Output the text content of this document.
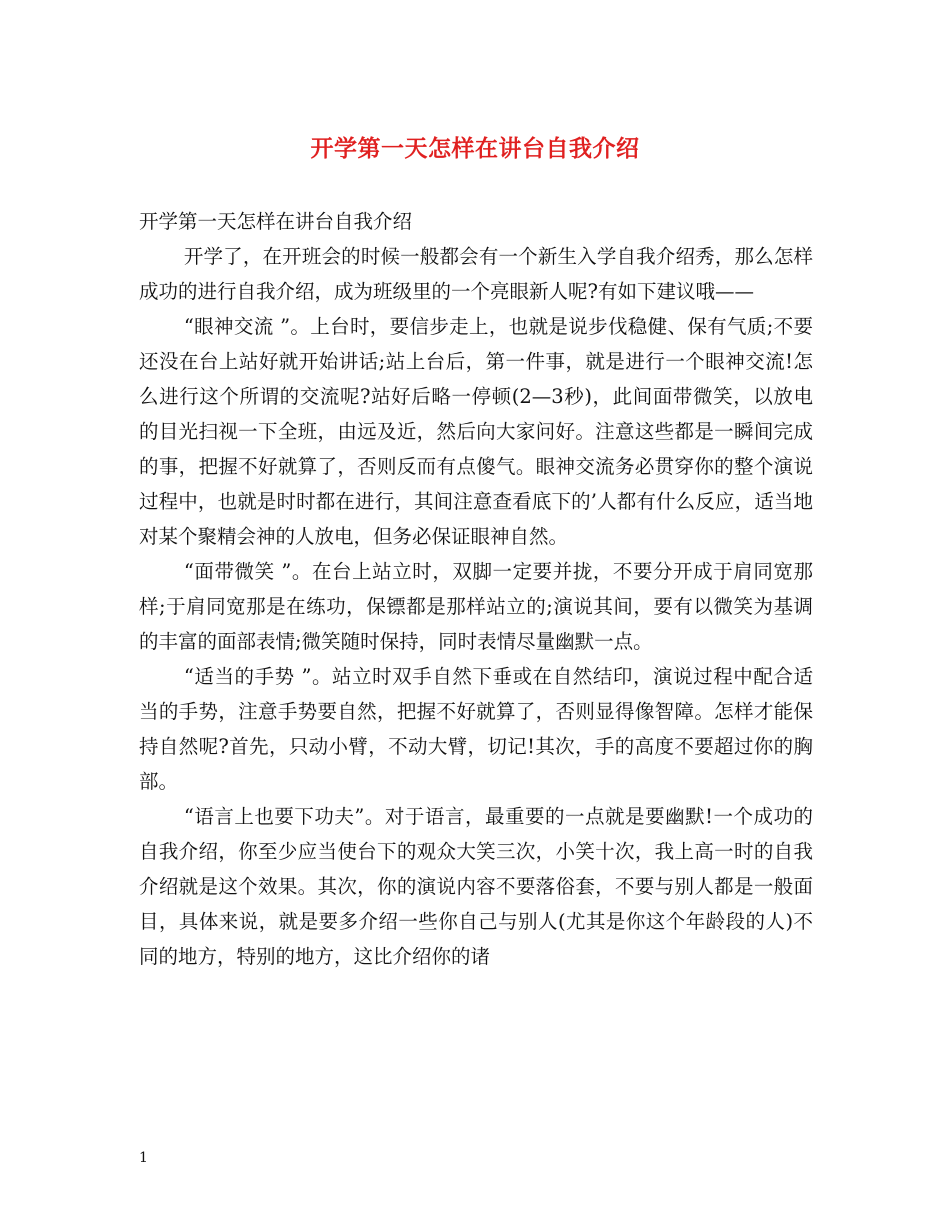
开学第一天怎样在讲台自我介绍

开学第一天怎样在讲台自我介绍

开学了，在开班会的时候一般都会有一个新生入学自我介绍秀，那么怎样成功的进行自我介绍，成为班级里的一个亮眼新人呢?有如下建议哦——

“眼神交流 ”。上台时，要信步走上，也就是说步伐稳健、保有气质;不要还没在台上站好就开始讲话;站上台后，第一件事，就是进行一个眼神交流!怎么进行这个所谓的交流呢?站好后略一停顿(2—3秒)，此间面带微笑，以放电的目光扫视一下全班，由远及近，然后向大家问好。注意这些都是一瞬间完成的事，把握不好就算了，否则反而有点傻气。眼神交流务必贯穿你的整个演说过程中，也就是时时都在进行，其间注意查看底下的’人都有什么反应，适当地对某个聚精会神的人放电，但务必保证眼神自然。

“面带微笑 ”。在台上站立时，双脚一定要并拢，不要分开成于肩同宽那样;于肩同宽那是在练功，保镖都是那样站立的;演说其间，要有以微笑为基调的丰富的面部表情;微笑随时保持，同时表情尽量幽默一点。

“适当的手势 ”。站立时双手自然下垂或在自然结印，演说过程中配合适当的手势，注意手势要自然，把握不好就算了，否则显得像智障。怎样才能保持自然呢?首先，只动小臂，不动大臂，切记!其次，手的高度不要超过你的胸部。

“语言上也要下功夫”。对于语言，最重要的一点就是要幽默!一个成功的自我介绍，你至少应当使台下的观众大笑三次，小笑十次，我上高一时的自我介绍就是这个效果。其次，你的演说内容不要落俗套，不要与别人都是一般面目，具体来说，就是要多介绍一些你自己与别人(尤其是你这个年龄段的人)不同的地方，特别的地方，这比介绍你的诸

1
